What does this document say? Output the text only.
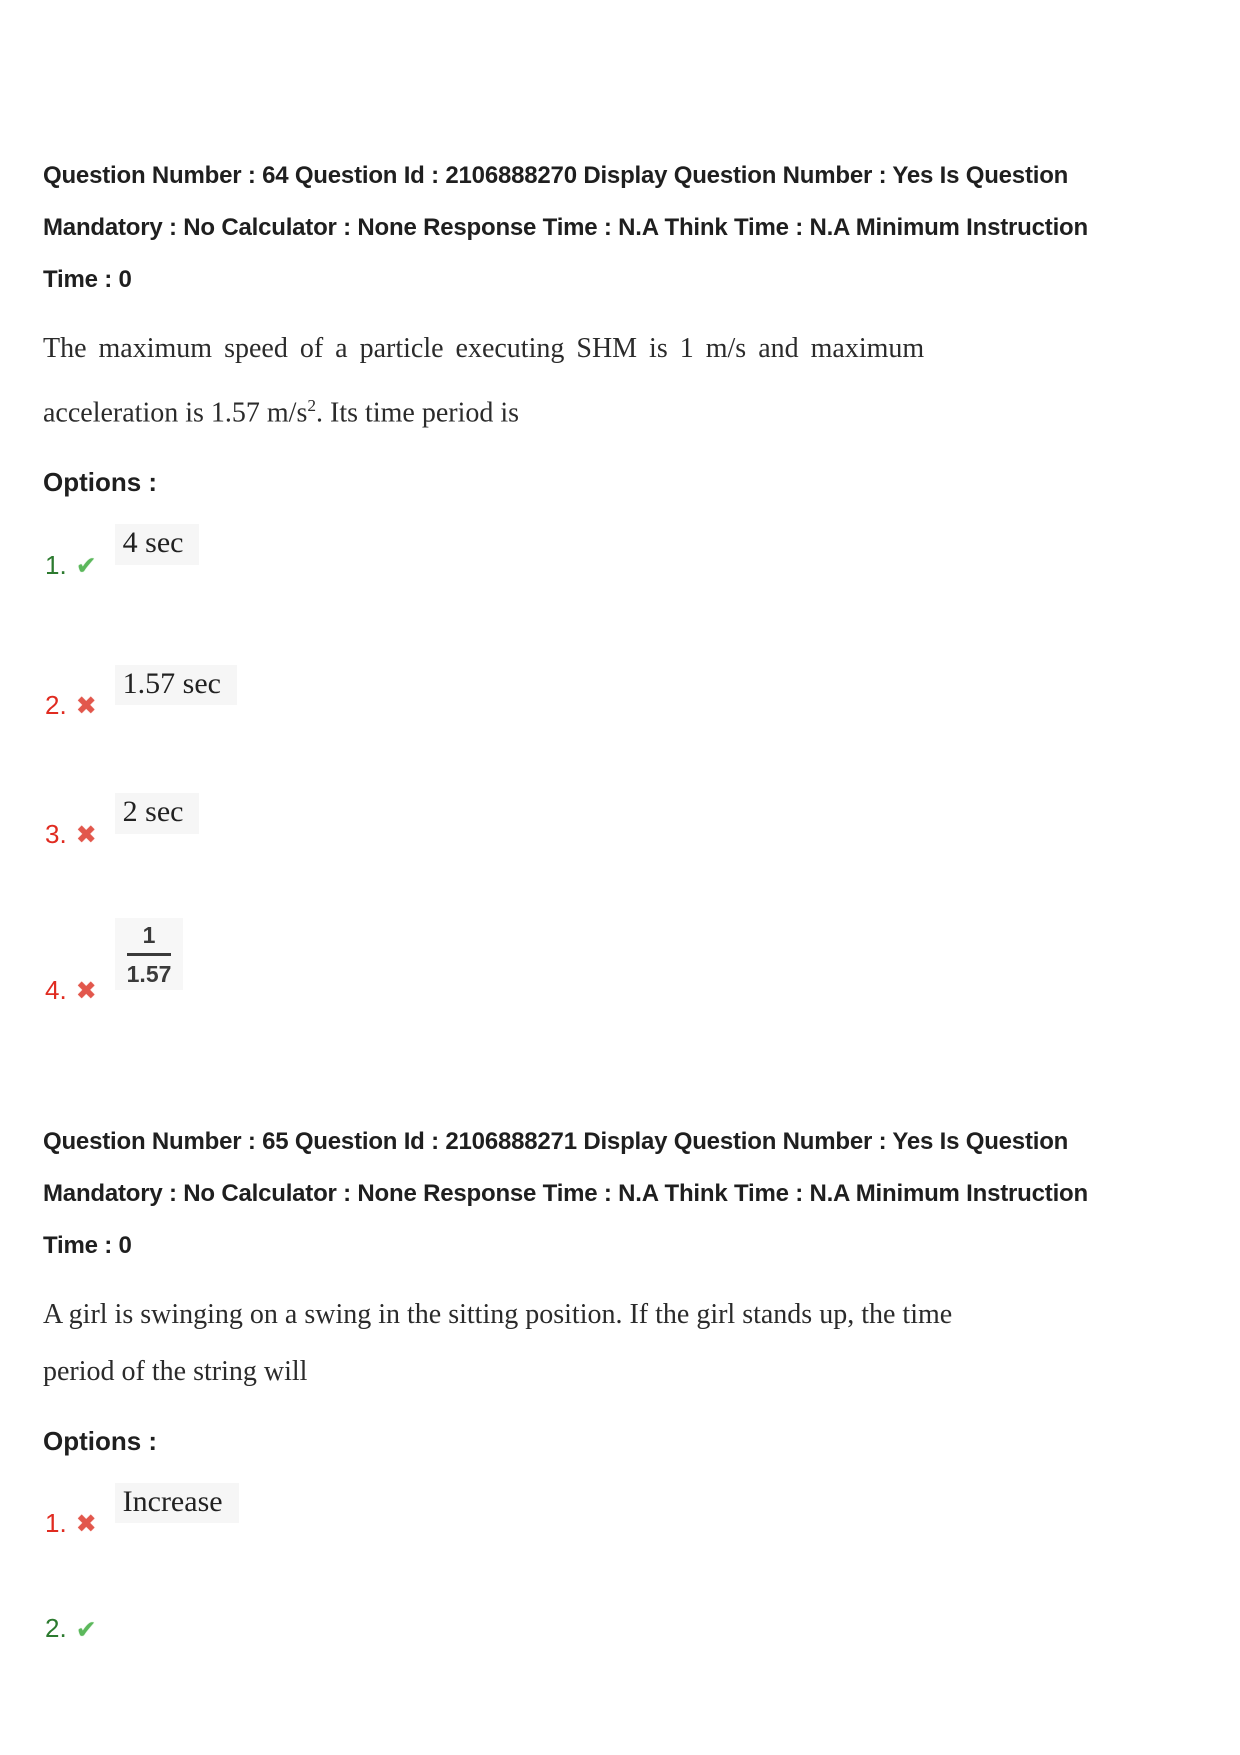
Question Number : 64 Question Id : 2106888270 Display Question Number : Yes Is Question
Mandatory : No Calculator : None Response Time : N.A Think Time : N.A Minimum Instruction
Time : 0
The maximum speed of a particle executing SHM is 1 m/s and maximum
acceleration is 1.57 $m/s^2$. Its time period is
Options :
1. ✔
4 sec
2. ✖
1.57 sec
3. ✖
2 sec
4. ✖
$\frac{1}{1.57}$
Question Number : 65 Question Id : 2106888271 Display Question Number : Yes Is Question
Mandatory : No Calculator : None Response Time : N.A Think Time : N.A Minimum Instruction
Time : 0
A girl is swinging on a swing in the sitting position. If the girl stands up, the time
period of the string will
Options :
1. ✖
Increase
2. ✔
